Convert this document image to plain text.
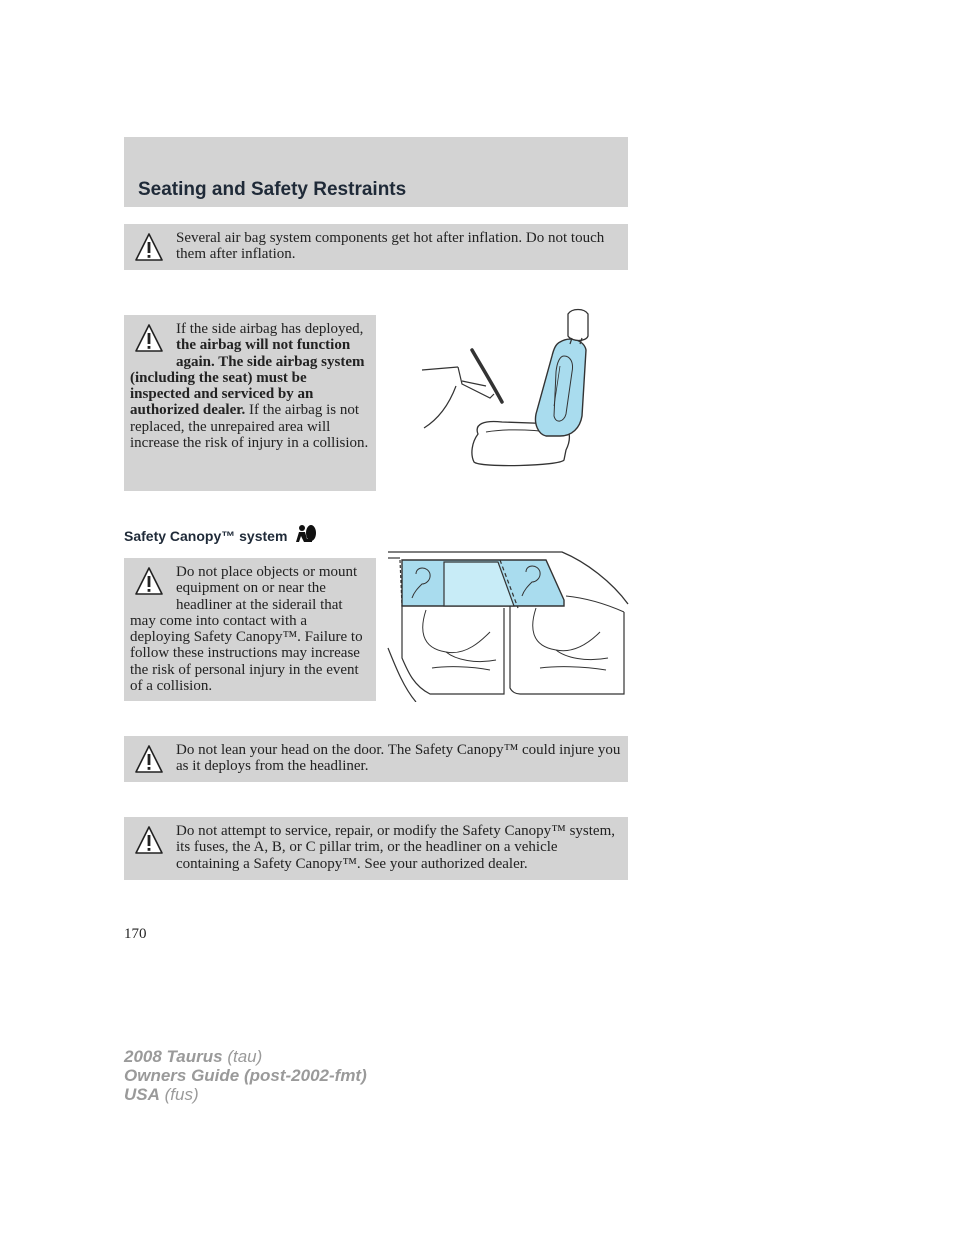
Seating and Safety Restraints
Several air bag system components get hot after inflation. Do not touch them after inflation.
If the side airbag has deployed, the airbag will not function again. The side airbag system (including the seat) must be inspected and serviced by an authorized dealer. If the airbag is not replaced, the unrepaired area will increase the risk of injury in a collision.
Safety Canopy™ system
Do not place objects or mount equipment on or near the headliner at the siderail that may come into contact with a deploying Safety Canopy™. Failure to follow these instructions may increase the risk of personal injury in the event of a collision.
Do not lean your head on the door. The Safety Canopy™ could injure you as it deploys from the headliner.
Do not attempt to service, repair, or modify the Safety Canopy™ system, its fuses, the A, B, or C pillar trim, or the headliner on a vehicle containing a Safety Canopy™. See your authorized dealer.
170
2008 Taurus (tau)
Owners Guide (post-2002-fmt)
USA (fus)
